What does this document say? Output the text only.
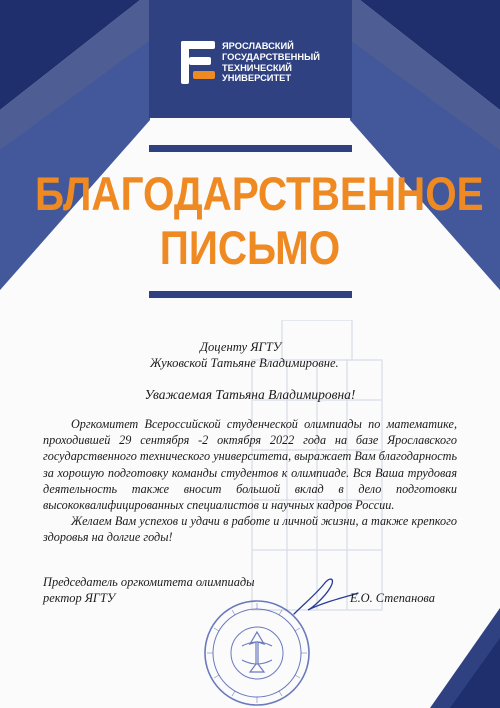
ЯРОСЛАВСКИЙ
ГОСУДАРСТВЕННЫЙ
ТЕХНИЧЕСКИЙ
УНИВЕРСИТЕТ
БЛАГОДАРСТВЕННОЕ
ПИСЬМО
Доценту ЯГТУ
Жуковской Татьяне Владимировне.
Уважаемая Татьяна Владимировна!

Оргкомитет Всероссийской студенческой олимпиады по математике, проходившей 29 сентября -2 октября 2022 года на базе Ярославского государственного технического университета, выражает Вам благодарность за хорошую подготовку команды студентов к олимпиаде. Вся Ваша трудовая деятельность также вносит большой вклад в дело подготовки высококвалифицированных специалистов и научных кадров России.

Желаем Вам успехов и удачи в работе и личной жизни, а также крепкого здоровья на долгие годы!

Председатель оргкомитета олимпиады
ректор ЯГТУ	Е.О. Степанова
